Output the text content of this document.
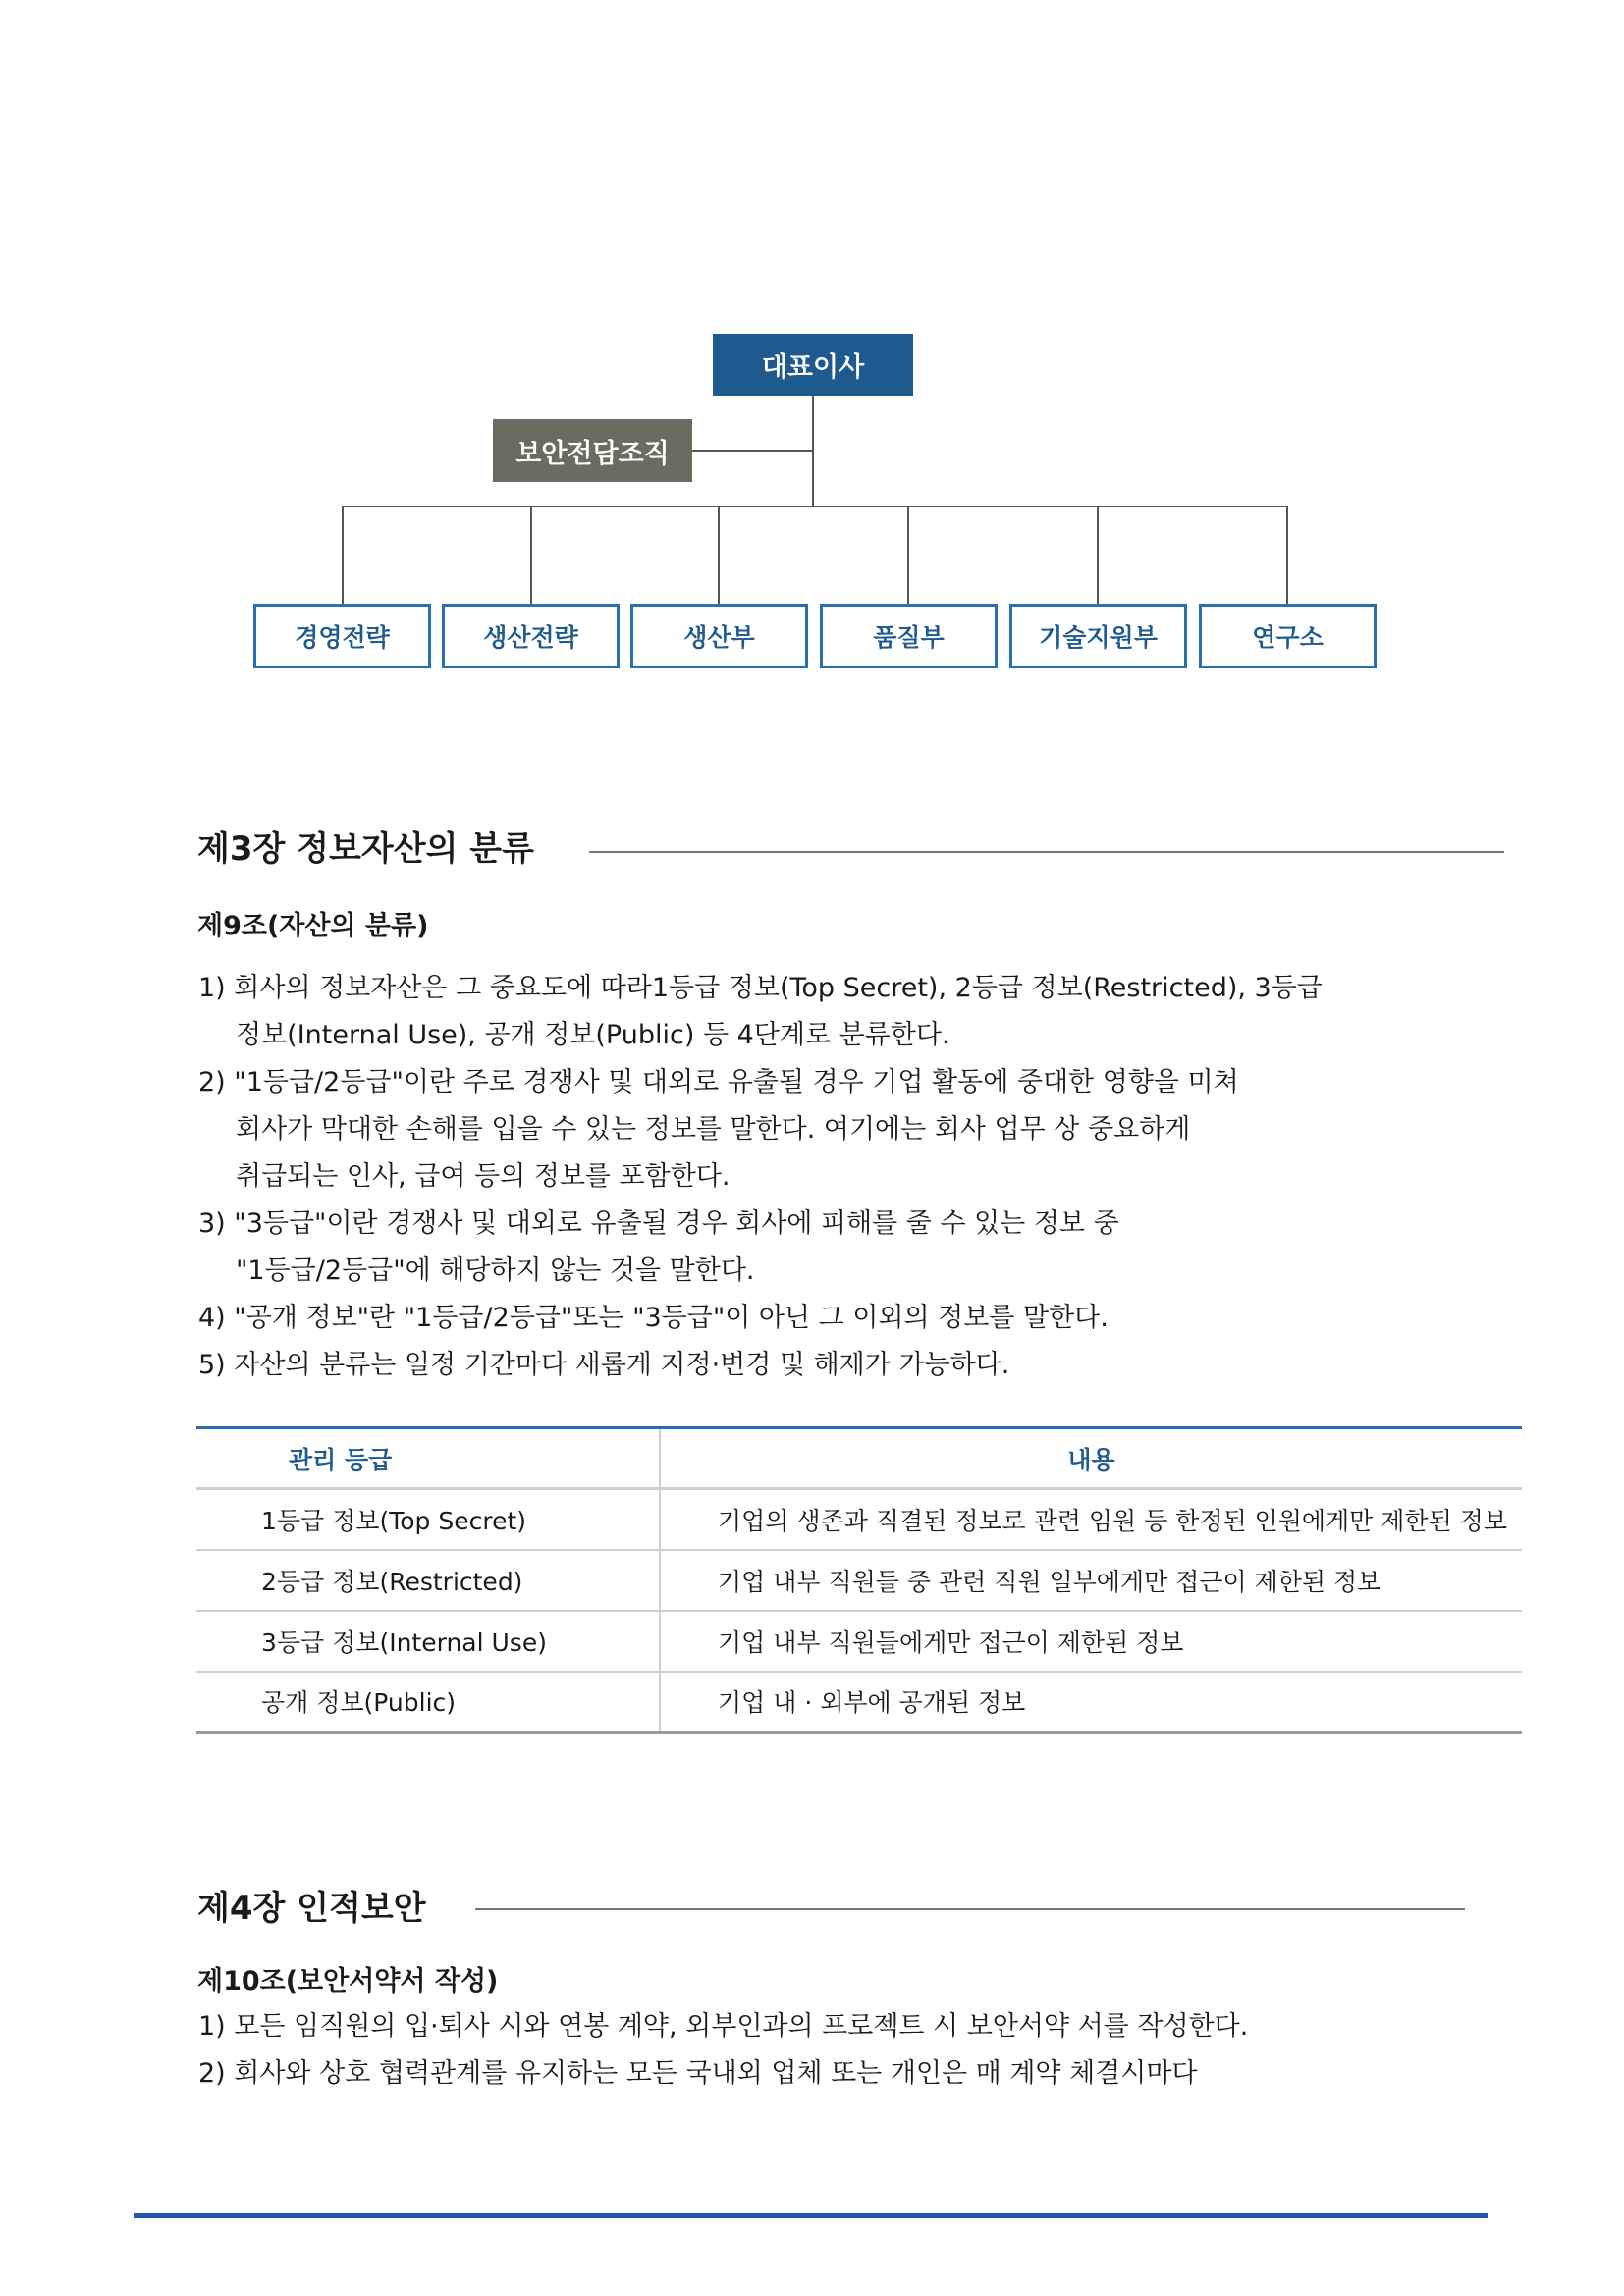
대표이사
보안전담조직
경영전략	생산전략	생산부	품질부	기술지원부	연구소
제3장 정보자산의 분류
제9조(자산의 분류)
1) 회사의 정보자산은 그 중요도에 따라1등급 정보(Top Secret), 2등급 정보(Restricted), 3등급
정보(Internal Use), 공개 정보(Public) 등 4단계로 분류한다.
2) "1등급/2등급"이란 주로 경쟁사 및 대외로 유출될 경우 기업 활동에 중대한 영향을 미쳐
회사가 막대한 손해를 입을 수 있는 정보를 말한다. 여기에는 회사 업무 상 중요하게
취급되는 인사, 급여 등의 정보를 포함한다.
3) "3등급"이란 경쟁사 및 대외로 유출될 경우 회사에 피해를 줄 수 있는 정보 중
"1등급/2등급"에 해당하지 않는 것을 말한다.
4) "공개 정보"란 "1등급/2등급"또는 "3등급"이 아닌 그 이외의 정보를 말한다.
5) 자산의 분류는 일정 기간마다 새롭게 지정·변경 및 해제가 가능하다.
관리 등급	내용
1등급 정보(Top Secret)	기업의 생존과 직결된 정보로 관련 임원 등 한정된 인원에게만 제한된 정보
2등급 정보(Restricted)	기업 내부 직원들 중 관련 직원 일부에게만 접근이 제한된 정보
3등급 정보(Internal Use)	기업 내부 직원들에게만 접근이 제한된 정보
공개 정보(Public)	기업 내 · 외부에 공개된 정보
제4장 인적보안
제10조(보안서약서 작성)
1) 모든 임직원의 입·퇴사 시와 연봉 계약, 외부인과의 프로젝트 시 보안서약 서를 작성한다.
2) 회사와 상호 협력관계를 유지하는 모든 국내외 업체 또는 개인은 매 계약 체결시마다
